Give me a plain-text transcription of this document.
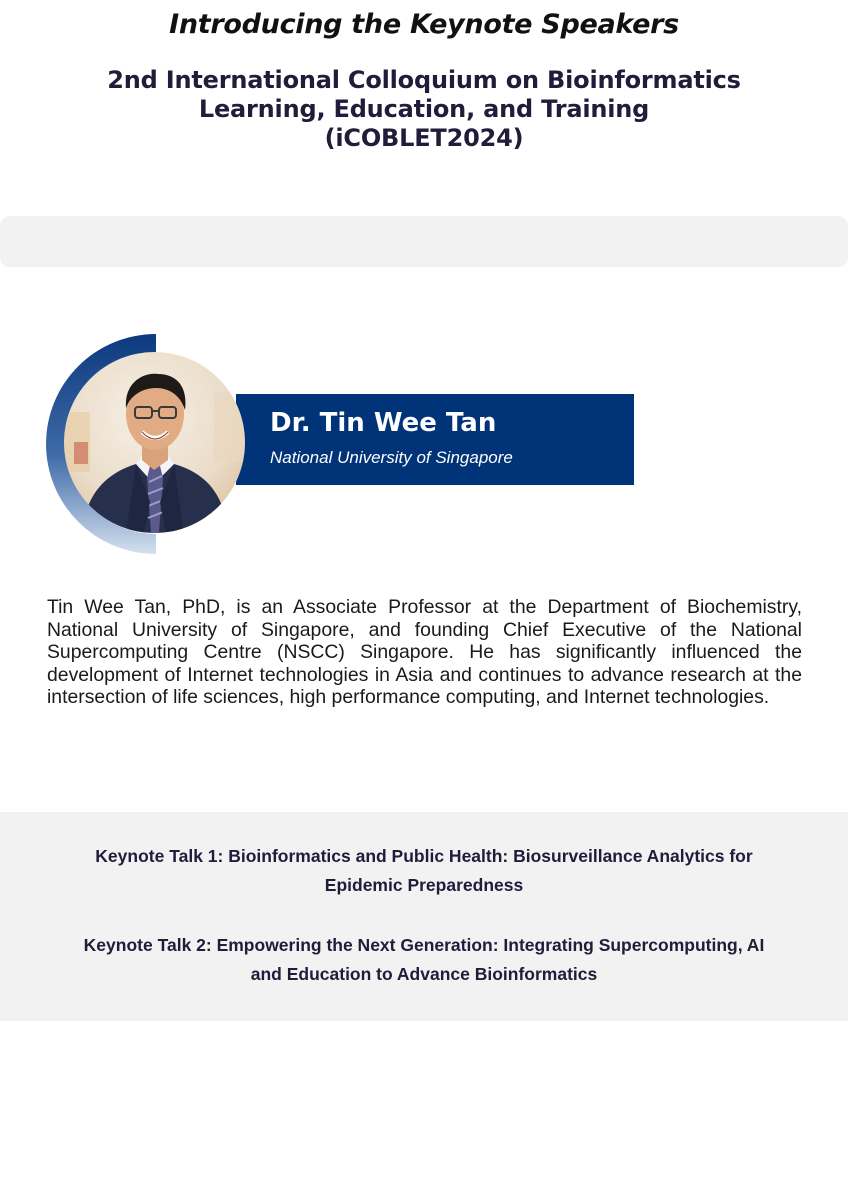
2nd International Colloquium on Bioinformatics
Learning, Education, and Training
(iCOBLET2024)
Introducing the Keynote Speakers
Dr. Tin Wee Tan
National University of Singapore
Tin Wee Tan, PhD, is an Associate Professor at the Department of Biochemistry, National University of Singapore, and founding Chief Executive of the National Supercomputing Centre (NSCC) Singapore. He has significantly influenced the development of Internet technologies in Asia and continues to advance research at the intersection of life sciences, high performance computing, and Internet technologies.
Keynote Talk 1: Bioinformatics and Public Health: Biosurveillance Analytics for
Epidemic Preparedness
Keynote Talk 2: Empowering the Next Generation: Integrating Supercomputing, AI
and Education to Advance Bioinformatics
